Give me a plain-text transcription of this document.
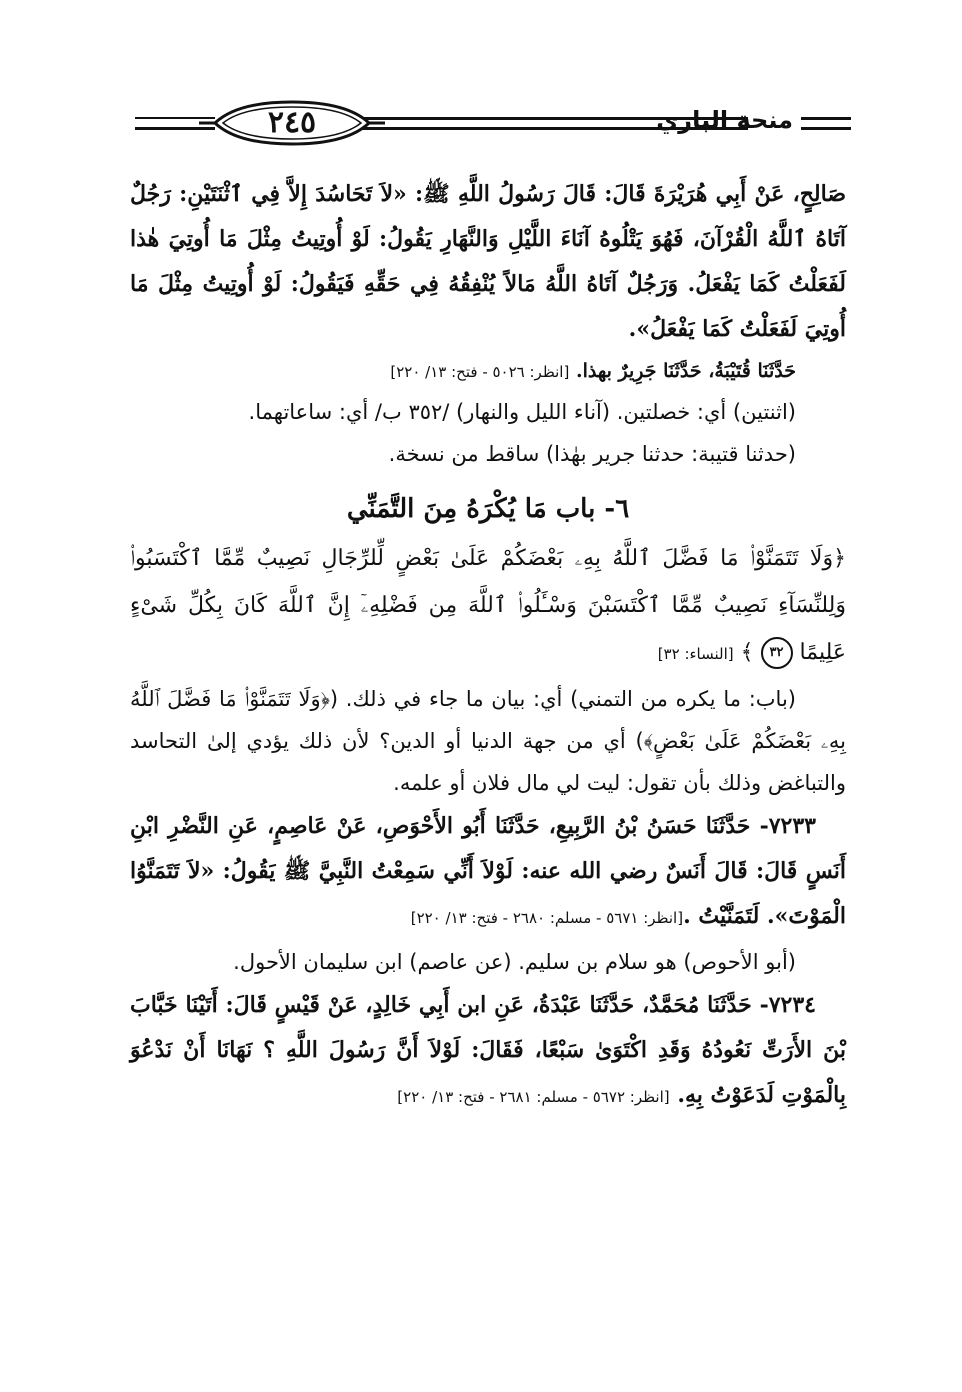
٢٤٥	منحة الباري

صَالِحٍ، عَنْ أَبِي هُرَيْرَةَ قَالَ: قَالَ رَسُولُ اللَّهِ ﷺ: «لاَ تَحَاسُدَ إِلاَّ فِي ٱثْنَتَيْنِ: رَجُلٌ آتَاهُ ٱللَّهُ الْقُرْآنَ، فَهُوَ يَتْلُوهُ آنَاءَ اللَّيْلِ وَالنَّهَارِ يَقُولُ: لَوْ أُوتِيتُ مِثْلَ مَا أُوتِيَ هٰذا لَفَعَلْتُ كَمَا يَفْعَلُ. وَرَجُلٌ آتَاهُ اللَّهُ مَالاً يُنْفِقُهُ فِي حَقِّهِ فَيَقُولُ: لَوْ أُوتِيتُ مِثْلَ مَا أُوتِيَ لَفَعَلْتُ كَمَا يَفْعَلُ».

حَدَّثَنَا قُتَيْبَةُ، حَدَّثَنَا جَرِيرٌ بهذا. [انظر: ٥٠٢٦ - فتح: ١٣/ ٢٢٠]

(اثنتين) أي: خصلتين. (آناء الليل والنهار) /٣٥٢ ب/ أي: ساعاتهما.

(حدثنا قتيبة: حدثنا جرير بهٰذا) ساقط من نسخة.

٦- باب مَا يُكْرَهُ مِنَ التَّمَنِّي

﴿وَلَا تَتَمَنَّوْا۟ مَا فَضَّلَ ٱللَّهُ بِهِۦ بَعْضَكُمْ عَلَىٰ بَعْضٍ لِّلرِّجَالِ نَصِيبٌ مِّمَّا ٱكْتَسَبُوا۟ وَلِلنِّسَآءِ نَصِيبٌ مِّمَّا ٱكْتَسَبْنَ وَسْـَٔلُوا۟ ٱللَّهَ مِن فَضْلِهِۦٓ إِنَّ ٱللَّهَ كَانَ بِكُلِّ شَىْءٍ عَلِيمًا ٣٢ ﴾ [النساء: ٣٢]

(باب: ما يكره من التمني) أي: بيان ما جاء في ذلك. (﴿وَلَا تَتَمَنَّوْا۟ مَا فَضَّلَ ٱللَّهُ بِهِۦ بَعْضَكُمْ عَلَىٰ بَعْضٍ﴾) أي من جهة الدنيا أو الدين؟ لأن ذلك يؤدي إلىٰ التحاسد والتباغض وذلك بأن تقول: ليت لي مال فلان أو علمه.

٧٢٣٣- حَدَّثَنَا حَسَنُ بْنُ الرَّبِيعِ، حَدَّثَنَا أَبُو الأَحْوَصِ، عَنْ عَاصِمٍ، عَنِ النَّضْرِ ابْنِ أَنَسٍ قَالَ: قَالَ أَنَسٌ رضي الله عنه: لَوْلاَ أَنِّي سَمِعْتُ النَّبِيَّ ﷺ يَقُولُ: «لاَ تَتَمَنَّوُا الْمَوْتَ». لَتَمَنَّيْتُ .[انظر: ٥٦٧١ - مسلم: ٢٦٨٠ - فتح: ١٣/ ٢٢٠]

(أبو الأحوص) هو سلام بن سليم. (عن عاصم) ابن سليمان الأحول.

٧٢٣٤- حَدَّثَنَا مُحَمَّدٌ، حَدَّثَنَا عَبْدَةُ، عَنِ ابن أَبِي خَالِدٍ، عَنْ قَيْسٍ قَالَ: أَتَيْنَا خَبَّابَ بْنَ الأَرَتِّ نَعُودُهُ وَقَدِ اكْتَوَىٰ سَبْعًا، فَقَالَ: لَوْلاَ أَنَّ رَسُولَ اللَّهِ ؟ نَهَانَا أَنْ نَدْعُوَ بِالْمَوْتِ لَدَعَوْتُ بِهِ. [انظر: ٥٦٧٢ - مسلم: ٢٦٨١ - فتح: ١٣/ ٢٢٠]
